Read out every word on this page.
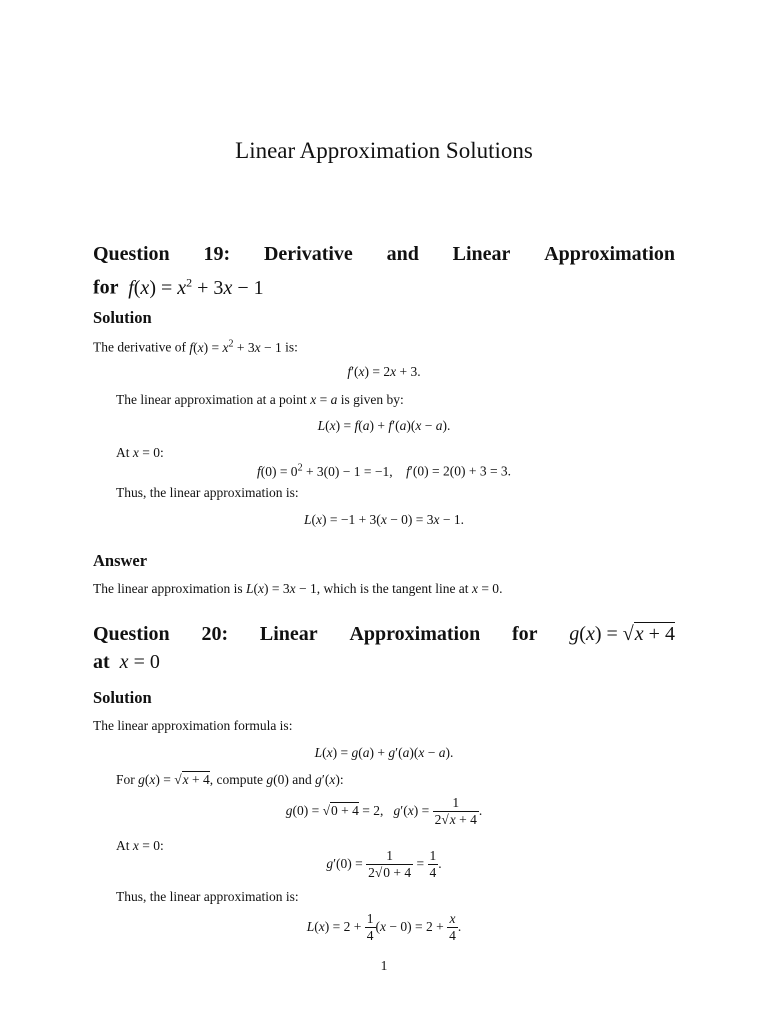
Linear Approximation Solutions
Question 19: Derivative and Linear Approximation
for  $f(x) = x^2 + 3x - 1$
Solution
The derivative of $f(x) = x^2 + 3x - 1$ is:
f′(x) = 2x + 3.
The linear approximation at a point x = a is given by:
L(x) = f(a) + f′(a)(x − a).
At x = 0:
$f(0) = 0^2 + 3(0) - 1 = -1$,    f′(0) = 2(0) + 3 = 3.
Thus, the linear approximation is:
L(x) = −1 + 3(x − 0) = 3x − 1.
Answer
The linear approximation is L(x) = 3x − 1, which is the tangent line at x = 0.
Question 20: Linear Approximation for g(x) = √x + 4
at  x = 0
Solution
The linear approximation formula is:
L(x) = g(a) + g′(a)(x − a).
For g(x) = √x + 4, compute g(0) and g′(x):
g(0) = √0 + 4 = 2,   $g'(x) = \frac{1}{2√x + 4}$ .
At x = 0:
$g'(0) = \frac{1}{2√0 + 4} = \frac{1}{4}$ .
Thus, the linear approximation is:
$L(x) = 2 + \frac{1}{4} (x - 0) = 2 + \frac{x}{4}$ .
1
